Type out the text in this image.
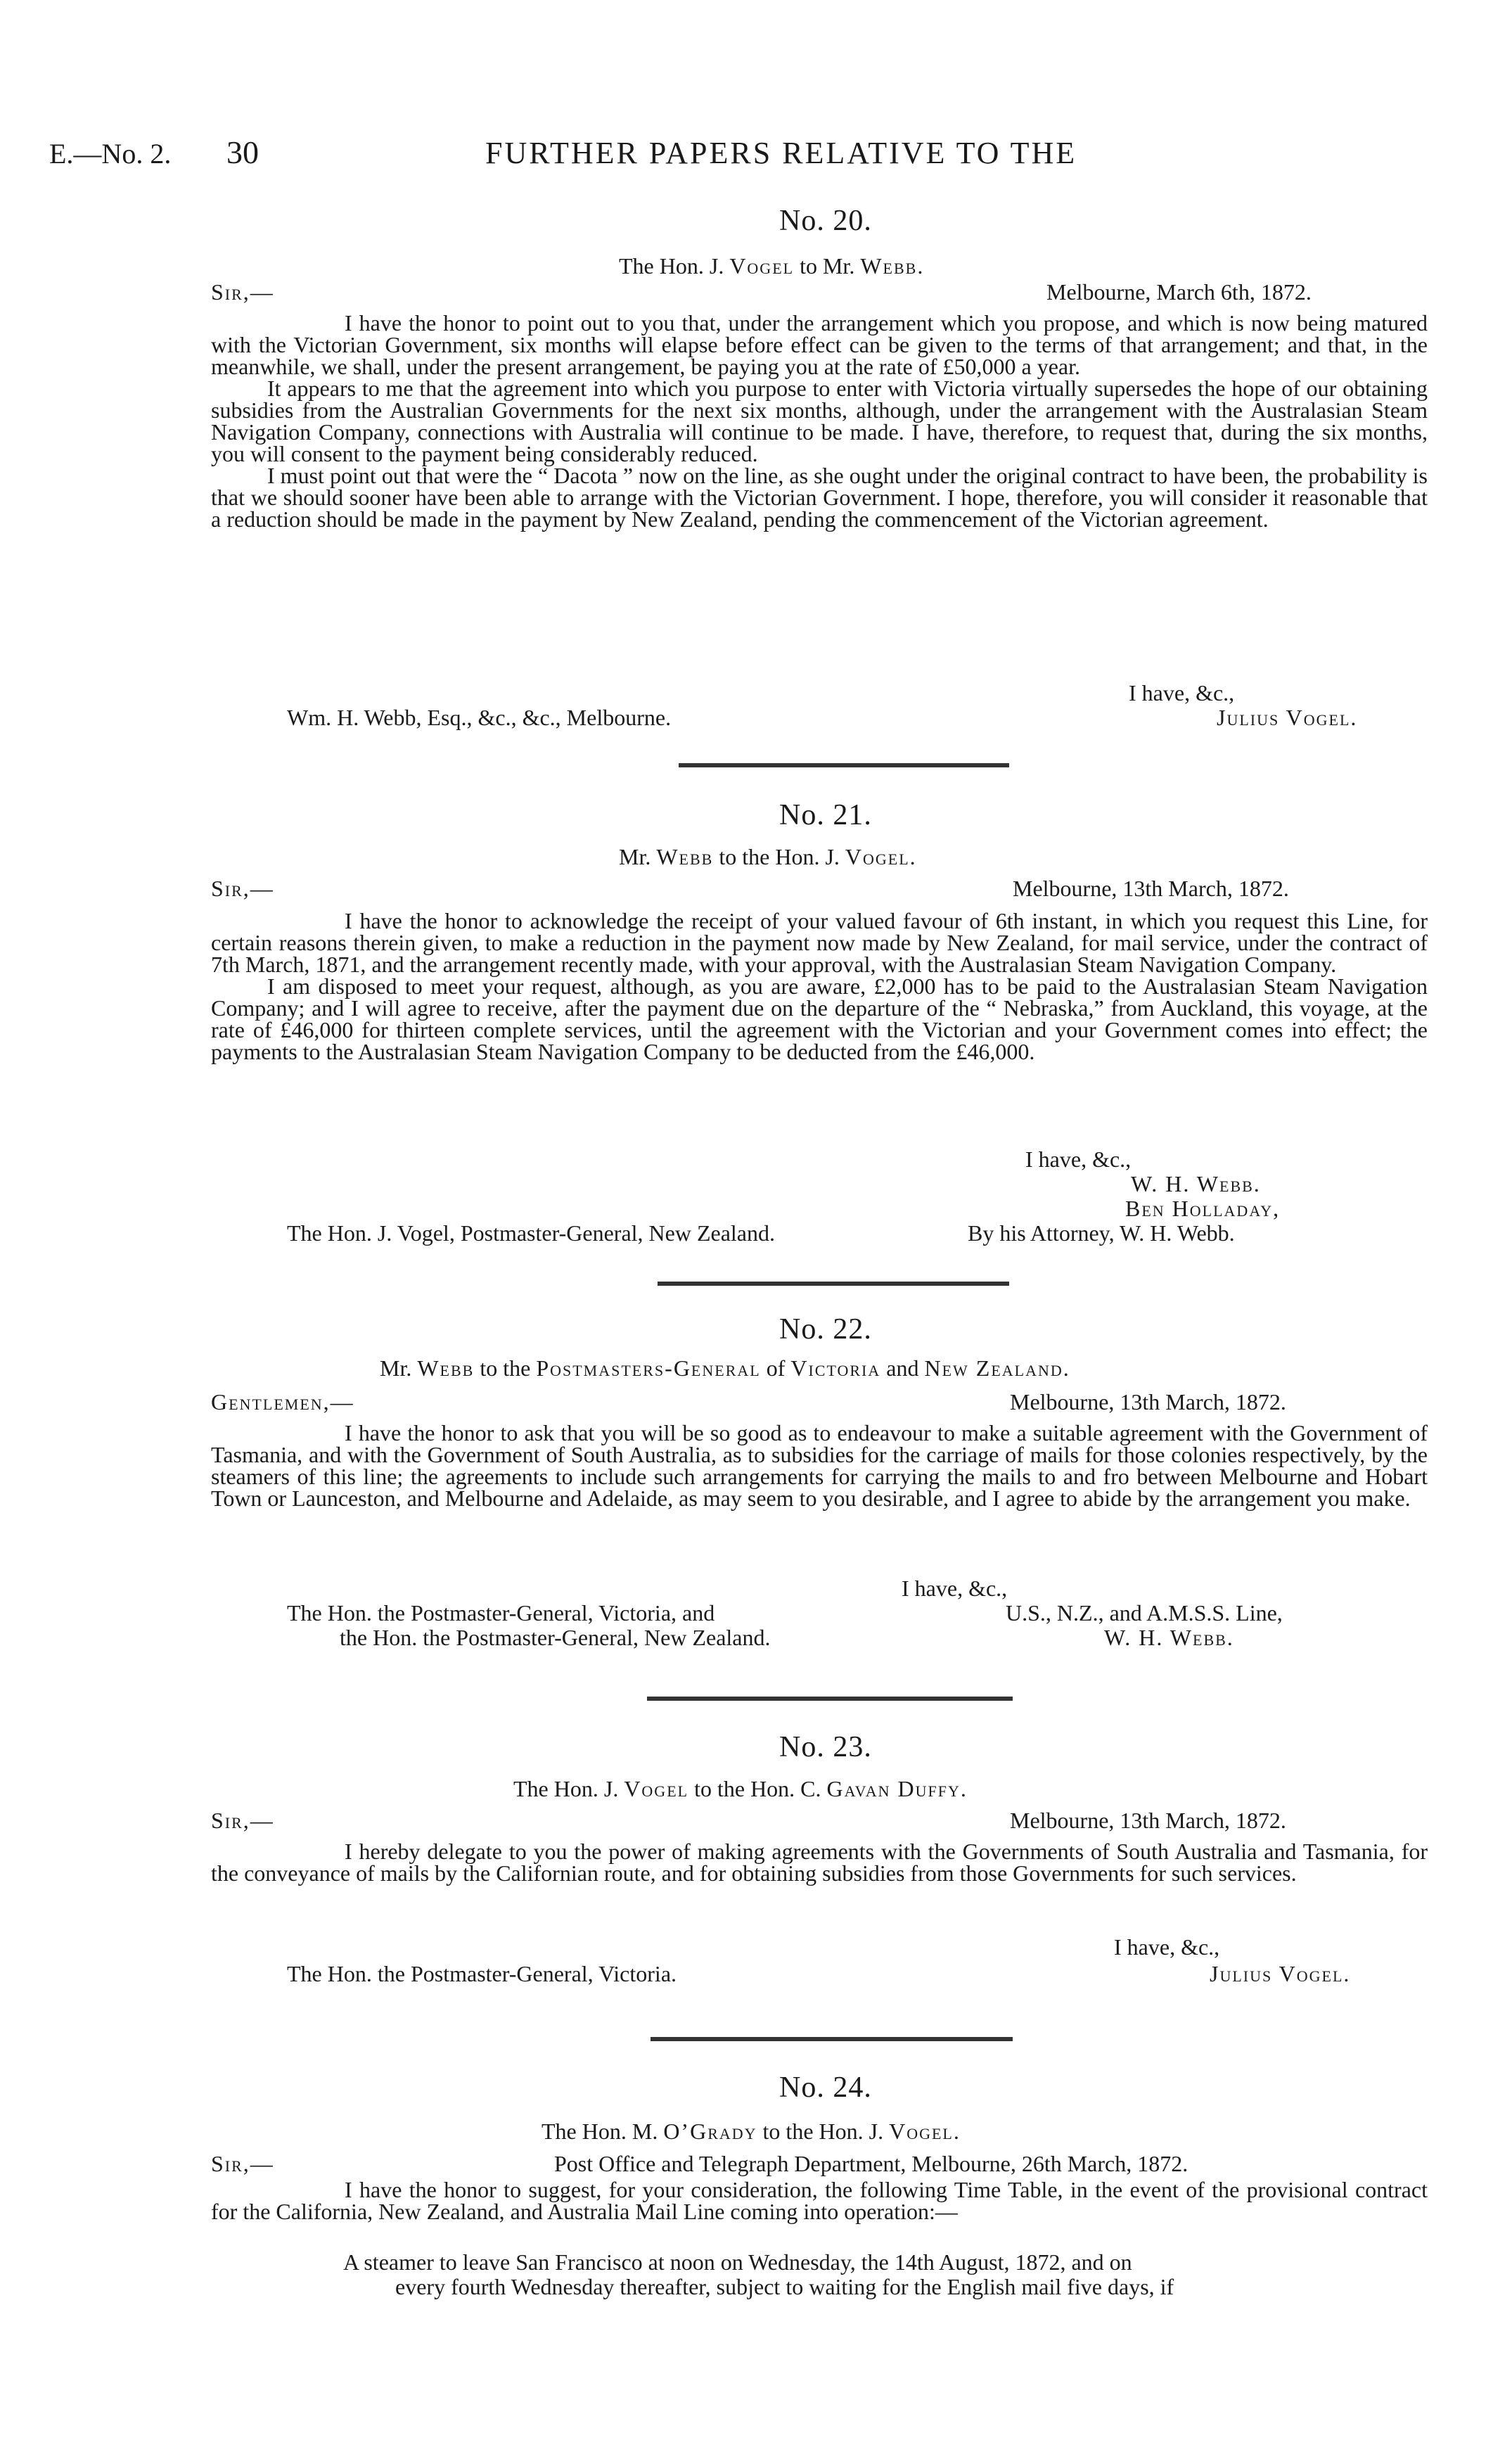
E.—No. 2. 30	FURTHER PAPERS RELATIVE TO THE
No. 20.
The Hon. J. Vogel to Mr. Webb.
Sir,—	Melbourne, March 6th, 1872.

I have the honor to point out to you that, under the arrangement which you propose, and which is now being matured with the Victorian Government, six months will elapse before effect can be given to the terms of that arrangement; and that, in the meanwhile, we shall, under the present arrangement, be paying you at the rate of £50,000 a year.

It appears to me that the agreement into which you purpose to enter with Victoria virtually supersedes the hope of our obtaining subsidies from the Australian Governments for the next six months, although, under the arrangement with the Australasian Steam Navigation Company, connections with Australia will continue to be made. I have, therefore, to request that, during the six months, you will consent to the payment being considerably reduced.

I must point out that were the “ Dacota ” now on the line, as she ought under the original contract to have been, the probability is that we should sooner have been able to arrange with the Victorian Government. I hope, therefore, you will consider it reasonable that a reduction should be made in the payment by New Zealand, pending the commencement of the Victorian agreement.

I have, &c.,
Wm. H. Webb, Esq., &c., &c., Melbourne.	Julius Vogel.
No. 21.
Mr. Webb to the Hon. J. Vogel.
Sir,—	Melbourne, 13th March, 1872.

I have the honor to acknowledge the receipt of your valued favour of 6th instant, in which you request this Line, for certain reasons therein given, to make a reduction in the payment now made by New Zealand, for mail service, under the contract of 7th March, 1871, and the arrangement recently made, with your approval, with the Australasian Steam Navigation Company.

I am disposed to meet your request, although, as you are aware, £2,000 has to be paid to the Australasian Steam Navigation Company; and I will agree to receive, after the payment due on the departure of the “ Nebraska,” from Auckland, this voyage, at the rate of £46,000 for thirteen complete services, until the agreement with the Victorian and your Government comes into effect; the payments to the Australasian Steam Navigation Company to be deducted from the £46,000.

I have, &c.,
W. H. Webb.
Ben Holladay,
The Hon. J. Vogel, Postmaster-General, New Zealand.	By his Attorney, W. H. Webb.
No. 22.
Mr. Webb to the Postmasters-General of Victoria and New Zealand.
Gentlemen,—	Melbourne, 13th March, 1872.

I have the honor to ask that you will be so good as to endeavour to make a suitable agreement with the Government of Tasmania, and with the Government of South Australia, as to subsidies for the carriage of mails for those colonies respectively, by the steamers of this line; the agreements to include such arrangements for carrying the mails to and fro between Melbourne and Hobart Town or Launceston, and Melbourne and Adelaide, as may seem to you desirable, and I agree to abide by the arrangement you make.

I have, &c.,
The Hon. the Postmaster-General, Victoria, and
the Hon. the Postmaster-General, New Zealand.
U.S., N.Z., and A.M.S.S. Line,
W. H. Webb.
No. 23.
The Hon. J. Vogel to the Hon. C. Gavan Duffy.
Sir,—	Melbourne, 13th March, 1872.

I hereby delegate to you the power of making agreements with the Governments of South Australia and Tasmania, for the conveyance of mails by the Californian route, and for obtaining subsidies from those Governments for such services.

I have, &c.,
The Hon. the Postmaster-General, Victoria.	Julius Vogel.
No. 24.
The Hon. M. O’Grady to the Hon. J. Vogel.
Sir,—	Post Office and Telegraph Department, Melbourne, 26th March, 1872.

I have the honor to suggest, for your consideration, the following Time Table, in the event of the provisional contract for the California, New Zealand, and Australia Mail Line coming into operation:—

A steamer to leave San Francisco at noon on Wednesday, the 14th August, 1872, and on
every fourth Wednesday thereafter, subject to waiting for the English mail five days, if
